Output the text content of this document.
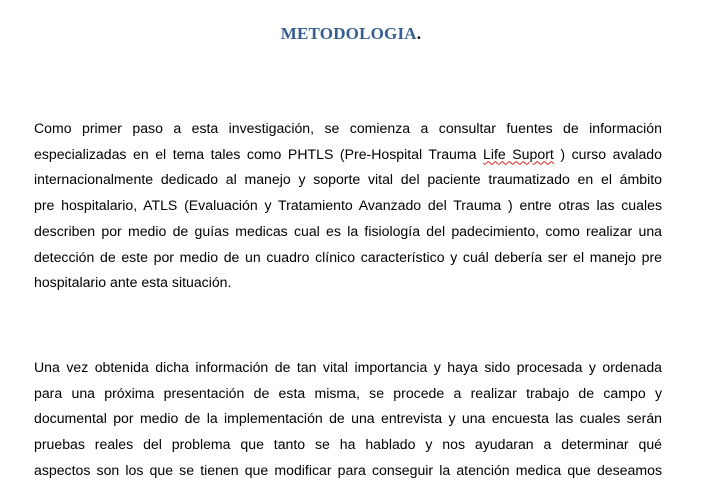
METODOLOGIA.
Como primer paso a esta investigación, se comienza a consultar fuentes de información
especializadas en el tema tales como PHTLS (Pre-Hospital Trauma Life Suport ) curso avalado
internacionalmente dedicado al manejo y soporte vital del paciente traumatizado en el ámbito
pre hospitalario, ATLS (Evaluación y Tratamiento Avanzado del Trauma ) entre otras las cuales
describen por medio de guías medicas cual es la fisiología del padecimiento, como realizar una
detección de este por medio de un cuadro clínico característico y cuál debería ser el manejo pre
hospitalario ante esta situación.
Una vez obtenida dicha información de tan vital importancia y haya sido procesada y ordenada
para una próxima presentación de esta misma, se procede a realizar trabajo de campo y
documental por medio de la implementación de una entrevista y una encuesta las cuales serán
pruebas reales del problema que tanto se ha hablado y nos ayudaran a determinar qué
aspectos son los que se tienen que modificar para conseguir la atención medica que deseamos
